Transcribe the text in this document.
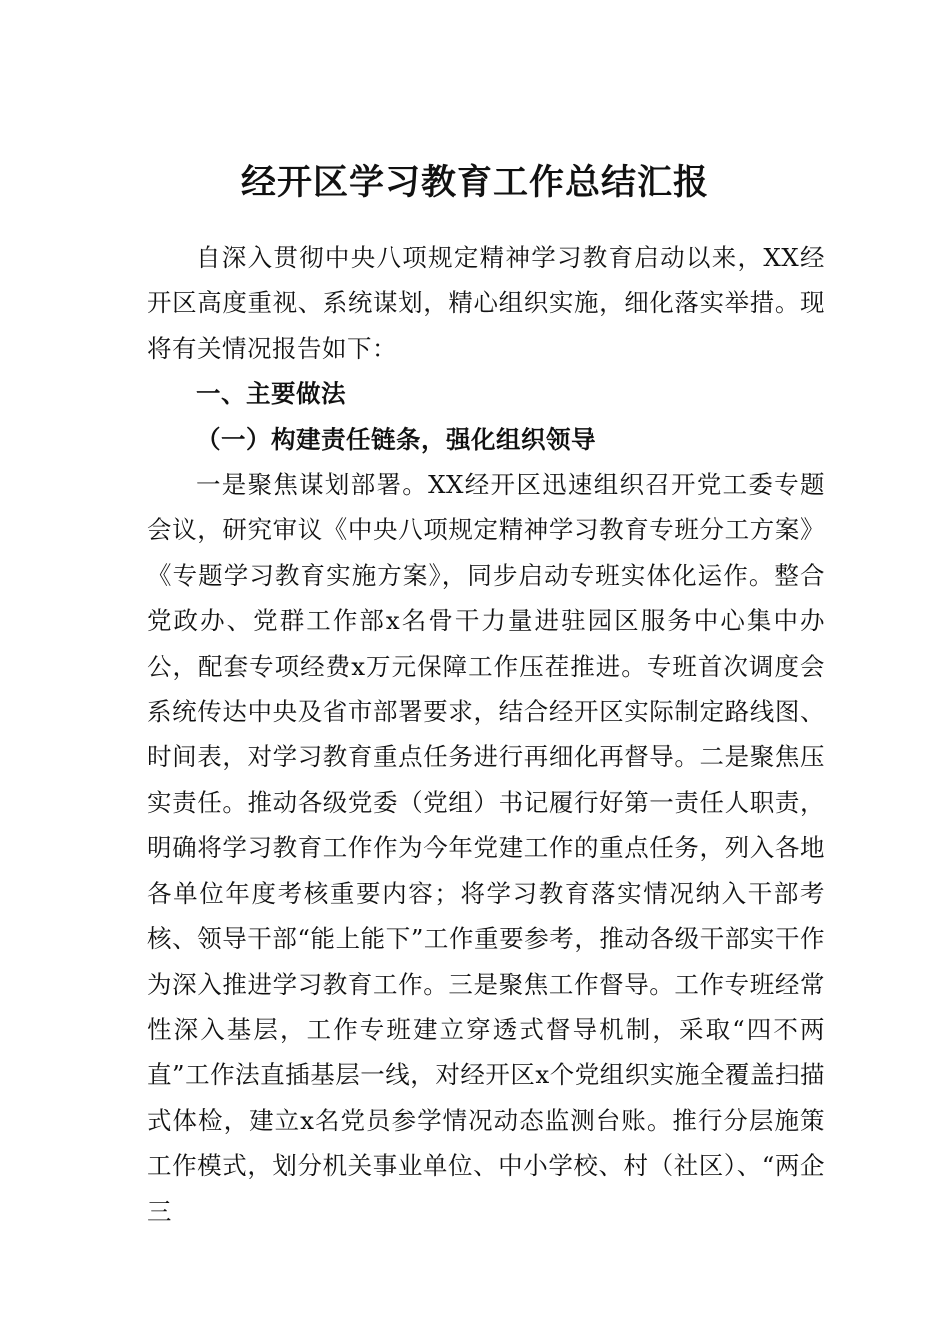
经开区学习教育工作总结汇报

自深入贯彻中央八项规定精神学习教育启动以来，XX经开区高度重视、系统谋划，精心组织实施，细化落实举措。现将有关情况报告如下：

一、主要做法

（一）构建责任链条，强化组织领导

一是聚焦谋划部署。XX经开区迅速组织召开党工委专题会议，研究审议《中央八项规定精神学习教育专班分工方案》《专题学习教育实施方案》，同步启动专班实体化运作。整合党政办、党群工作部x名骨干力量进驻园区服务中心集中办公，配套专项经费x万元保障工作压茬推进。专班首次调度会系统传达中央及省市部署要求，结合经开区实际制定路线图、时间表，对学习教育重点任务进行再细化再督导。二是聚焦压实责任。推动各级党委（党组）书记履行好第一责任人职责，明确将学习教育工作作为今年党建工作的重点任务，列入各地各单位年度考核重要内容；将学习教育落实情况纳入干部考核、领导干部“能上能下”工作重要参考，推动各级干部实干作为深入推进学习教育工作。三是聚焦工作督导。工作专班经常性深入基层，工作专班建立穿透式督导机制，采取“四不两直”工作法直插基层一线，对经开区x个党组织实施全覆盖扫描式体检，建立x名党员参学情况动态监测台账。推行分层施策工作模式，划分机关事业单位、中小学校、村（社区）、“两企三
